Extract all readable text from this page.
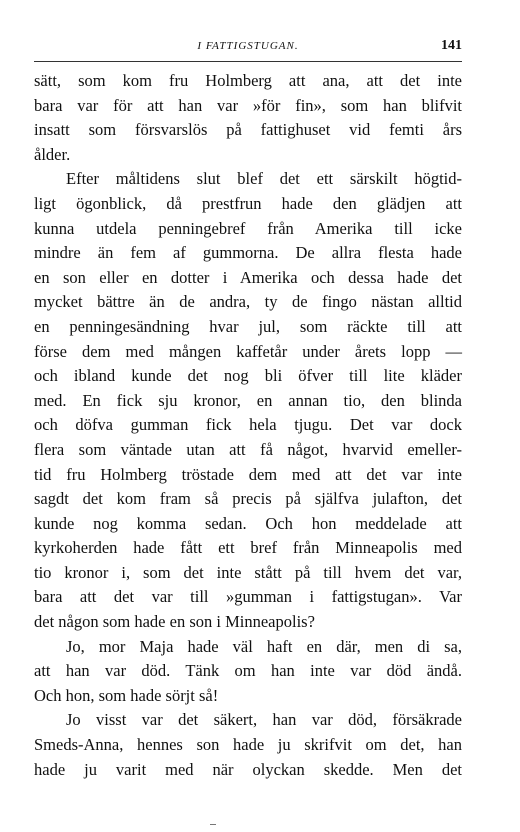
I FATTIGSTUGAN.	141
sätt, som kom fru Holmberg att ana, att det inte
bara var för att han var »för fin», som han blifvit
insatt som försvarslös på fattighuset vid femti års
ålder.
Efter måltidens slut blef det ett särskilt högtid-
ligt ögonblick, då prestfrun hade den glädjen att
kunna utdela penningebref från Amerika till icke
mindre än fem af gummorna. De allra flesta hade
en son eller en dotter i Amerika och dessa hade det
mycket bättre än de andra, ty de fingo nästan alltid
en penningesändning hvar jul, som räckte till att
förse dem med mången kaffetår under årets lopp —
och ibland kunde det nog bli öfver till lite kläder
med. En fick sju kronor, en annan tio, den blinda
och döfva gumman fick hela tjugu. Det var dock
flera som väntade utan att få något, hvarvid emeller-
tid fru Holmberg tröstade dem med att det var inte
sagdt det kom fram så precis på själfva julafton, det
kunde nog komma sedan. Och hon meddelade att
kyrkoherden hade fått ett bref från Minneapolis med
tio kronor i, som det inte stått på till hvem det var,
bara att det var till »gumman i fattigstugan». Var
det någon som hade en son i Minneapolis?
Jo, mor Maja hade väl haft en där, men di sa,
att han var död. Tänk om han inte var död ändå.
Och hon, som hade sörjt så!
Jo visst var det säkert, han var död, försäkrade
Smeds-Anna, hennes son hade ju skrifvit om det, han
hade ju varit med när olyckan skedde. Men det
